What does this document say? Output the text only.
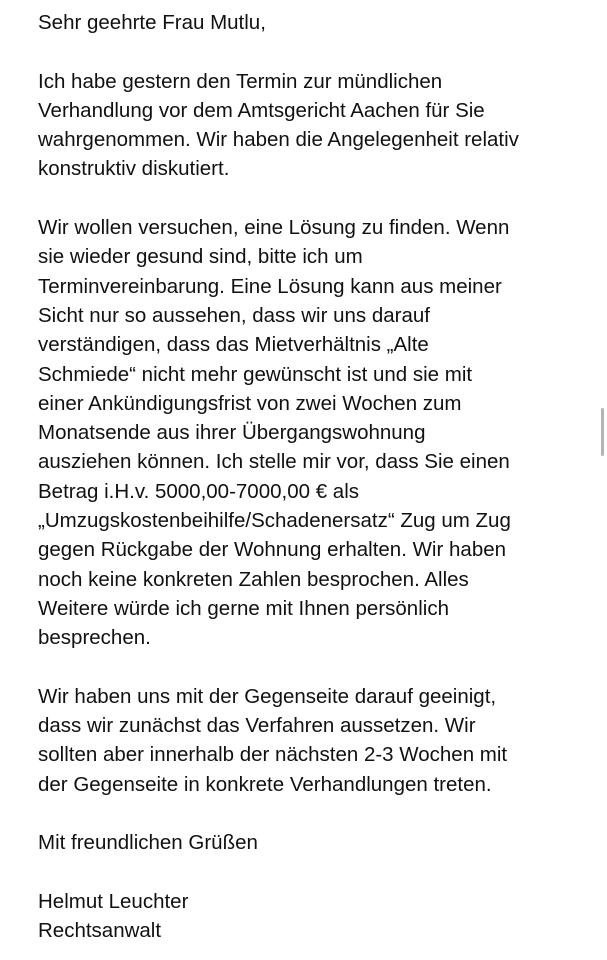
Sehr geehrte Frau Mutlu,

Ich habe gestern den Termin zur mündlichen
Verhandlung vor dem Amtsgericht Aachen für Sie
wahrgenommen. Wir haben die Angelegenheit relativ
konstruktiv diskutiert.

Wir wollen versuchen, eine Lösung zu finden. Wenn
sie wieder gesund sind, bitte ich um
Terminvereinbarung. Eine Lösung kann aus meiner
Sicht nur so aussehen, dass wir uns darauf
verständigen, dass das Mietverhältnis „Alte
Schmiede“ nicht mehr gewünscht ist und sie mit
einer Ankündigungsfrist von zwei Wochen zum
Monatsende aus ihrer Übergangswohnung
ausziehen können. Ich stelle mir vor, dass Sie einen
Betrag i.H.v. 5000,00-7000,00 € als
„Umzugskostenbeihilfe/Schadenersatz“ Zug um Zug
gegen Rückgabe der Wohnung erhalten. Wir haben
noch keine konkreten Zahlen besprochen. Alles
Weitere würde ich gerne mit Ihnen persönlich
besprechen.

Wir haben uns mit der Gegenseite darauf geeinigt,
dass wir zunächst das Verfahren aussetzen. Wir
sollten aber innerhalb der nächsten 2-3 Wochen mit
der Gegenseite in konkrete Verhandlungen treten.

Mit freundlichen Grüßen

Helmut Leuchter
Rechtsanwalt
